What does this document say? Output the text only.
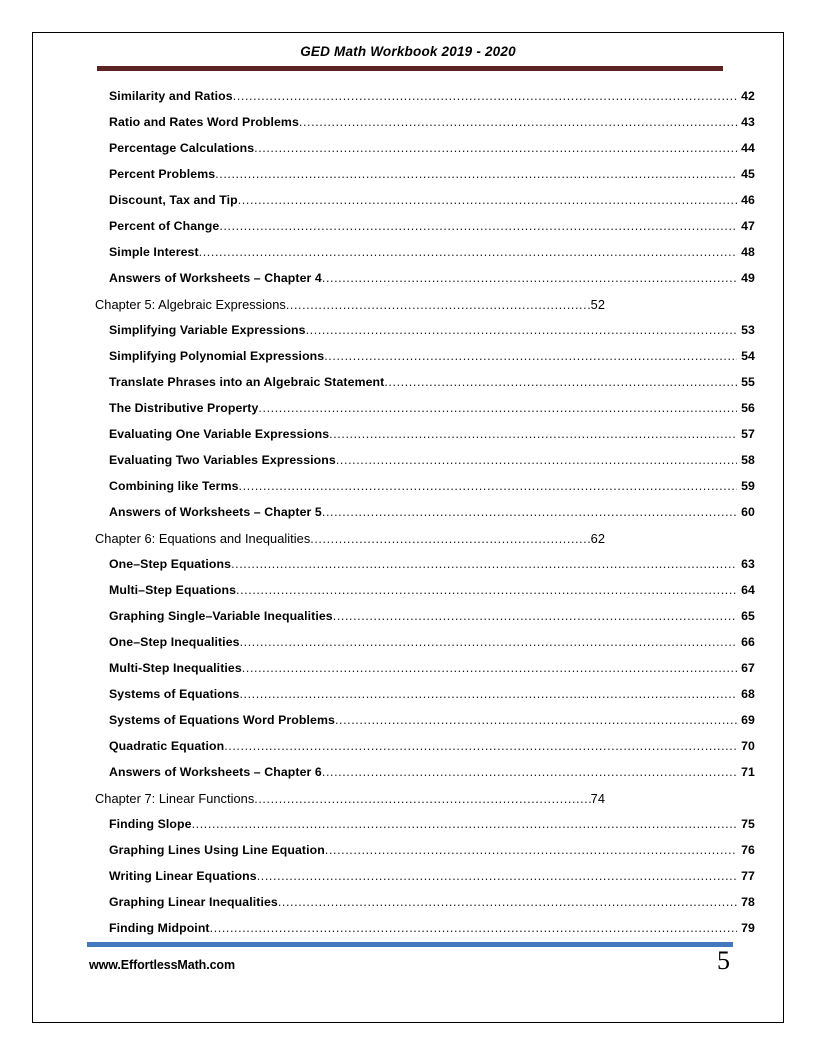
GED Math Workbook 2019 - 2020
Similarity and Ratios .....	42
Ratio and Rates Word Problems .....	43
Percentage Calculations .....	44
Percent Problems .....	45
Discount, Tax and Tip .....	46
Percent of Change .....	47
Simple Interest .....	48
Answers of Worksheets – Chapter 4 .....	49
Chapter 5: Algebraic Expressions .....	52
Simplifying Variable Expressions .....	53
Simplifying Polynomial Expressions .....	54
Translate Phrases into an Algebraic Statement .....	55
The Distributive Property .....	56
Evaluating One Variable Expressions .....	57
Evaluating Two Variables Expressions .....	58
Combining like Terms .....	59
Answers of Worksheets – Chapter 5 .....	60
Chapter 6: Equations and Inequalities .....	62
One–Step Equations .....	63
Multi–Step Equations .....	64
Graphing Single–Variable Inequalities .....	65
One–Step Inequalities .....	66
Multi-Step Inequalities .....	67
Systems of Equations .....	68
Systems of Equations Word Problems .....	69
Quadratic Equation .....	70
Answers of Worksheets – Chapter 6 .....	71
Chapter 7: Linear Functions .....	74
Finding Slope .....	75
Graphing Lines Using Line Equation .....	76
Writing Linear Equations .....	77
Graphing Linear Inequalities .....	78
Finding Midpoint .....	79
www.EffortlessMath.com	5
